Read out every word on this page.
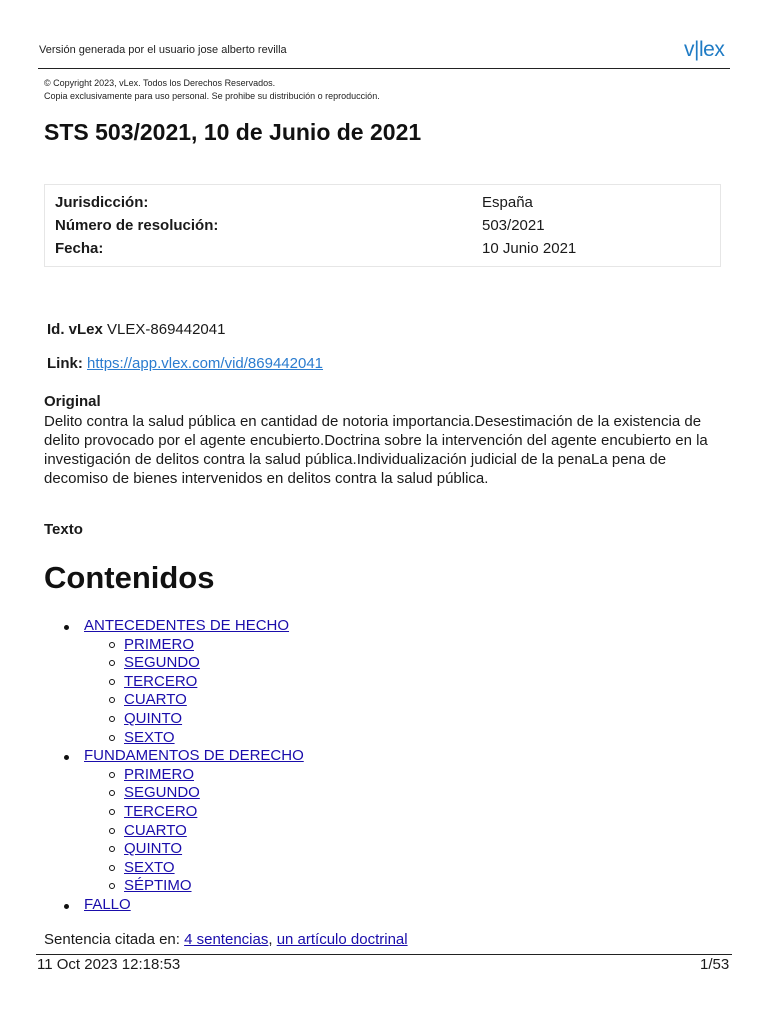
Versión generada por el usuario jose alberto revilla	v|lex
© Copyright 2023, vLex. Todos los Derechos Reservados.
Copia exclusivamente para uso personal. Se prohibe su distribución o reproducción.
STS 503/2021, 10 de Junio de 2021
Jurisdicción:	España
Número de resolución:	503/2021
Fecha:	10 Junio 2021
Id. vLex VLEX-869442041
Link: https://app.vlex.com/vid/869442041
Original
Delito contra la salud pública en cantidad de notoria importancia.Desestimación de la existencia de delito provocado por el agente encubierto.Doctrina sobre la intervención del agente encubierto en la investigación de delitos contra la salud pública.Individualización judicial de la penaLa pena de decomiso de bienes intervenidos en delitos contra la salud pública.
Texto
Contenidos
ANTECEDENTES DE HECHO
PRIMERO
SEGUNDO
TERCERO
CUARTO
QUINTO
SEXTO
FUNDAMENTOS DE DERECHO
PRIMERO
SEGUNDO
TERCERO
CUARTO
QUINTO
SEXTO
SÉPTIMO
FALLO
Sentencia citada en: 4 sentencias, un artículo doctrinal
11 Oct 2023 12:18:53	1/53
